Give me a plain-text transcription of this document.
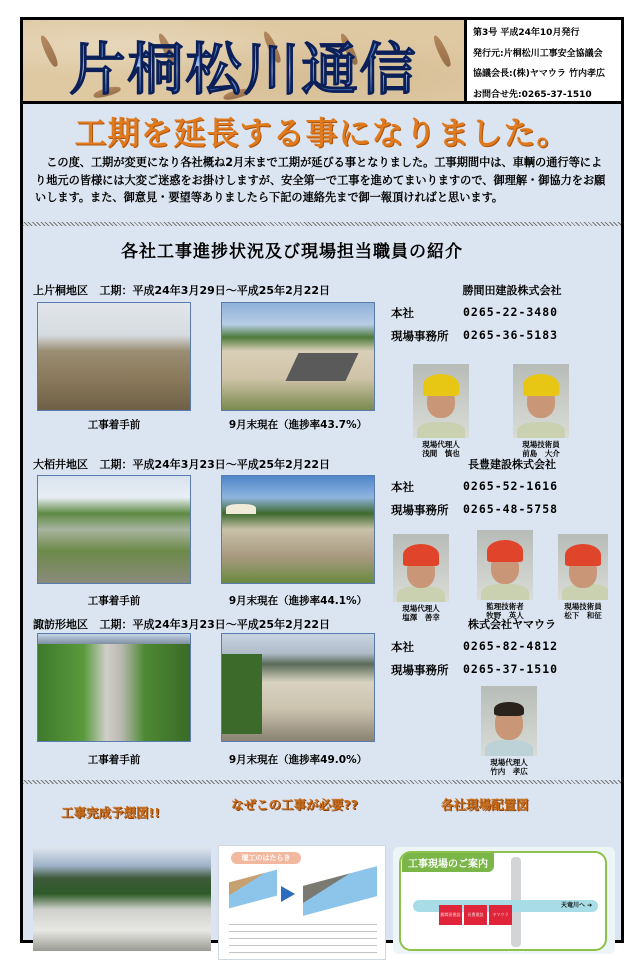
片桐松川通信
第3号 平成24年10月発行
発行元:片桐松川工事安全協議会
協議会長:(株)ヤマウラ 竹内孝広
お問合せ先:0265-37-1510
工期を延長する事になりました。

この度、工期が変更になり各社概ね2月末まで工期が延びる事となりました。工事期間中は、車輌の通行等により地元の皆様には大変ご迷惑をお掛けしますが、安全第一で工事を進めてまいりますので、御理解・御協力をお願いします。また、御意見・要望等ありましたら下記の連絡先まで御一報頂ければと思います。

各社工事進捗状況及び現場担当職員の紹介
上片桐地区 工期：平成24年3月29日～平成25年2月22日
工事着手前	9月末現在（進捗率43.7%）
勝間田建設株式会社
本社	0265-22-3480
現場事務所	0265-36-5183
現場代理人
浅間　慎也
現場技術員
前島　大介
大栢井地区 工期：平成24年3月23日～平成25年2月22日
工事着手前	9月末現在（進捗率44.1%）
長豊建設株式会社
本社	0265-52-1616
現場事務所	0265-48-5758
現場代理人
塩澤　善幸
監理技術者
牧野　英人
現場技術員
松下　和征
諏訪形地区 工期：平成24年3月23日～平成25年2月22日
工事着手前	9月末現在（進捗率49.0%）
株式会社ヤマウラ
本社	0265-82-4812
現場事務所	0265-37-1510
現場代理人
竹内　孝広
工事完成予想図!!
なぜこの工事が必要??	各社現場配置図
堰工のはたらき
工事現場のご案内
勝間田建設	長豊建設	ヤマウラ
天竜川へ ➔
